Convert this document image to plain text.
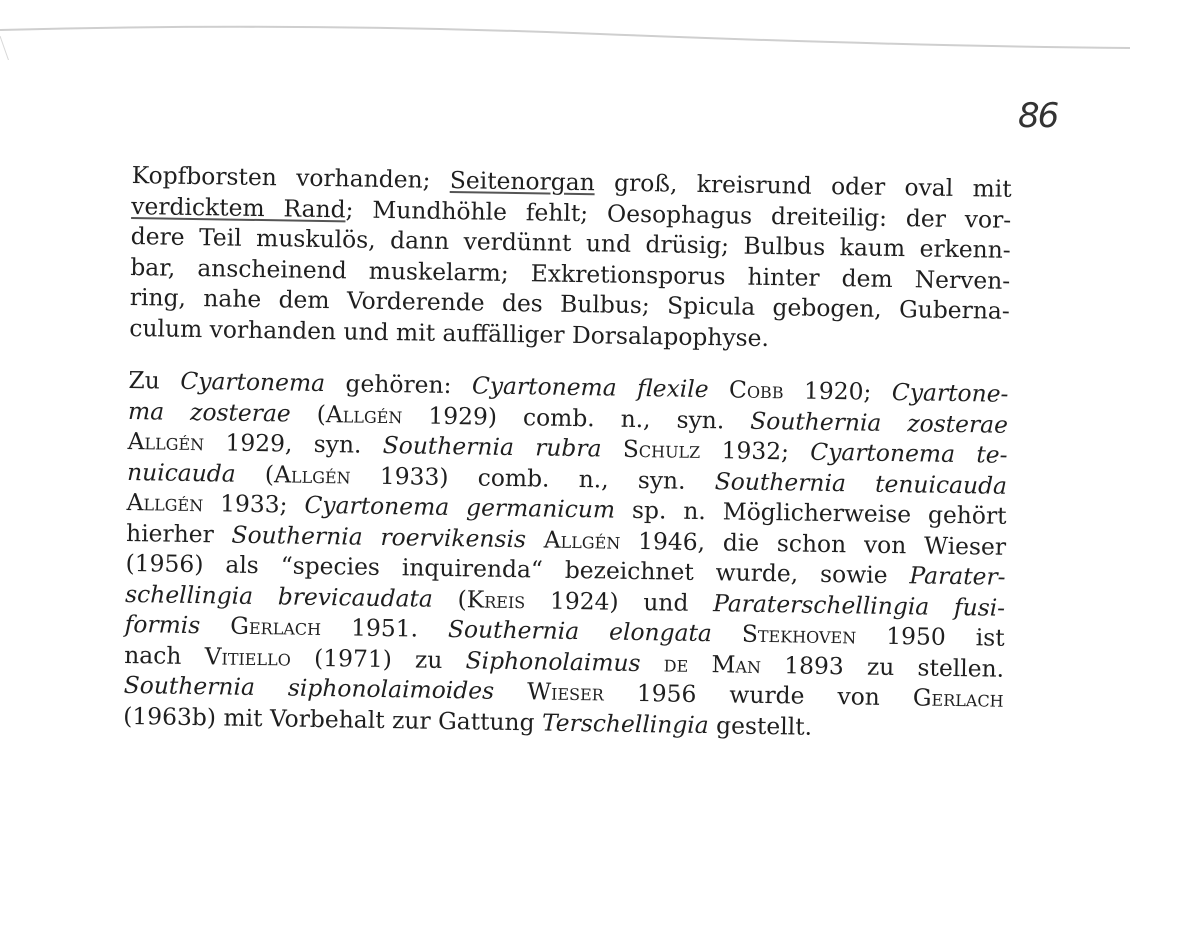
86
Kopfborsten vorhanden; Seitenorgan groß, kreisrund oder oval mit
verdicktem Rand; Mundhöhle fehlt; Oesophagus dreiteilig: der vor-
dere Teil muskulös, dann verdünnt und drüsig; Bulbus kaum erkenn-
bar, anscheinend muskelarm; Exkretionsporus hinter dem Nerven-
ring, nahe dem Vorderende des Bulbus; Spicula gebogen, Guberna-
culum vorhanden und mit auffälliger Dorsalapophyse.
Zu Cyartonema gehören: Cyartonema flexile Cobb 1920; Cyartone-
ma zosterae (Allgén 1929) comb. n., syn. Southernia zosterae
Allgén 1929, syn. Southernia rubra Schulz 1932; Cyartonema te-
nuicauda (Allgén 1933) comb. n., syn. Southernia tenuicauda
Allgén 1933; Cyartonema germanicum sp. n. Möglicherweise gehört
hierher Southernia roervikensis Allgén 1946, die schon von Wieser
(1956) als “species inquirenda“ bezeichnet wurde, sowie Parater-
schellingia brevicaudata (Kreis 1924) und Paraterschellingia fusi-
formis Gerlach 1951. Southernia elongata Stekhoven 1950 ist
nach Vitiello (1971) zu Siphonolaimus de Man 1893 zu stellen.
Southernia siphonolaimoides Wieser 1956 wurde von Gerlach
(1963b) mit Vorbehalt zur Gattung Terschellingia gestellt.
